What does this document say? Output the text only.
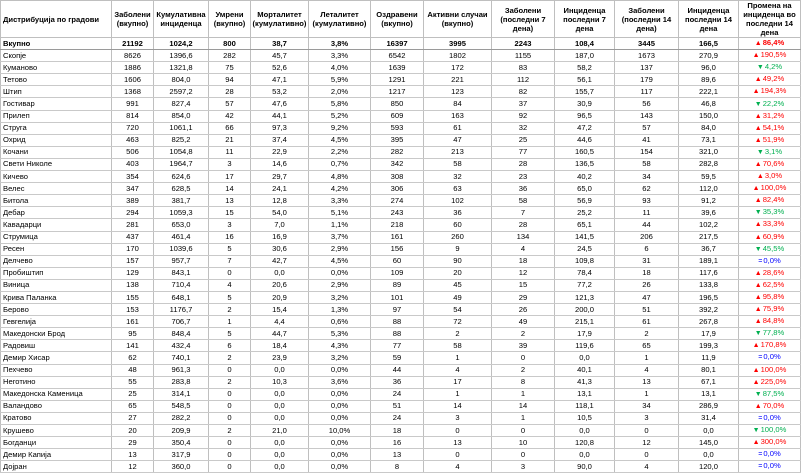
Дистрибуција по градови	Заболени (вкупно)	Кумулативна инциденца	Умрени (вкупно)	Морталитет (кумулативно)	Леталитет (кумулативно)	Оздравени (вкупно)	Активни случаи (вкупно)	Заболени (последни 7 дена)	Инциденца последни 7 дена	Заболени (последни 14 дена)	Инциденца последни 14 дена	Промена на инциденца во последни 14 дена
Вкупно	21192	1024,2	800	38,7	3,8%	16397	3995	2243	108,4	3445	166,5	▲86,4%
Скопје	8626	1396,6	282	45,7	3,3%	6542	1802	1155	187,0	1673	270,9	▲190,5%
Куманово	1886	1321,8	75	52,6	4,0%	1639	172	83	58,2	137	96,0	▼4,2%
Тетово	1606	804,0	94	47,1	5,9%	1291	221	112	56,1	179	89,6	▲49,2%
Штип	1368	2597,2	28	53,2	2,0%	1217	123	82	155,7	117	222,1	▲194,3%
Гостивар	991	827,4	57	47,6	5,8%	850	84	37	30,9	56	46,8	▼22,2%
Прилеп	814	854,0	42	44,1	5,2%	609	163	92	96,5	143	150,0	▲31,2%
Струга	720	1061,1	66	97,3	9,2%	593	61	32	47,2	57	84,0	▲54,1%
Охрид	463	825,2	21	37,4	4,5%	395	47	25	44,6	41	73,1	▲51,9%
Кочани	506	1054,8	11	22,9	2,2%	282	213	77	160,5	154	321,0	▼3,1%
Свети Николе	403	1964,7	3	14,6	0,7%	342	58	28	136,5	58	282,8	▲70,6%
Кичево	354	624,6	17	29,7	4,8%	308	32	23	40,2	34	59,5	▲3,0%
Велес	347	628,5	14	24,1	4,2%	306	63	36	65,0	62	112,0	▲100,0%
Битола	389	381,7	13	12,8	3,3%	274	102	58	56,9	93	91,2	▲82,4%
Дебар	294	1059,3	15	54,0	5,1%	243	36	7	25,2	11	39,6	▼35,3%
Кавадарци	281	653,0	3	7,0	1,1%	218	60	28	65,1	44	102,2	▲33,3%
Струмица	437	461,4	16	16,9	3,7%	161	260	134	141,5	206	217,5	▲60,9%
Ресен	170	1039,6	5	30,6	2,9%	156	9	4	24,5	6	36,7	▼45,5%
Делчево	157	957,7	7	42,7	4,5%	60	90	18	109,8	31	189,1	=0,0%
Пробиштип	129	843,1	0	0,0	0,0%	109	20	12	78,4	18	117,6	▲28,6%
Виница	138	710,4	4	20,6	2,9%	89	45	15	77,2	26	133,8	▲62,5%
Крива Паланка	155	648,1	5	20,9	3,2%	101	49	29	121,3	47	196,5	▲95,8%
Берово	153	1176,7	2	15,4	1,3%	97	54	26	200,0	51	392,2	▲75,9%
Гевгелија	161	706,7	1	4,4	0,6%	88	72	49	215,1	61	267,8	▲84,8%
Македонски Брод	95	848,4	5	44,7	5,3%	88	2	2	17,9	2	17,9	▼77,8%
Радовиш	141	432,4	6	18,4	4,3%	77	58	39	119,6	65	199,3	▲170,8%
Демир Хисар	62	740,1	2	23,9	3,2%	59	1	0	0,0	1	11,9	=0,0%
Пехчево	48	961,3	0	0,0	0,0%	44	4	2	40,1	4	80,1	▲100,0%
Неготино	55	283,8	2	10,3	3,6%	36	17	8	41,3	13	67,1	▲225,0%
Македонска Каменица	25	314,1	0	0,0	0,0%	24	1	1	13,1	1	13,1	▼87,5%
Валандово	65	548,5	0	0,0	0,0%	51	14	14	118,1	34	286,9	▲70,0%
Кратово	27	282,2	0	0,0	0,0%	24	3	1	10,5	3	31,4	=0,0%
Крушево	20	209,9	2	21,0	10,0%	18	0	0	0,0	0	0,0	▼100,0%
Богданци	29	350,4	0	0,0	0,0%	16	13	10	120,8	12	145,0	▲300,0%
Демир Капија	13	317,9	0	0,0	0,0%	13	0	0	0,0	0	0,0	=0,0%
Дојран	12	360,0	0	0,0	0,0%	8	4	3	90,0	4	120,0	=0,0%
